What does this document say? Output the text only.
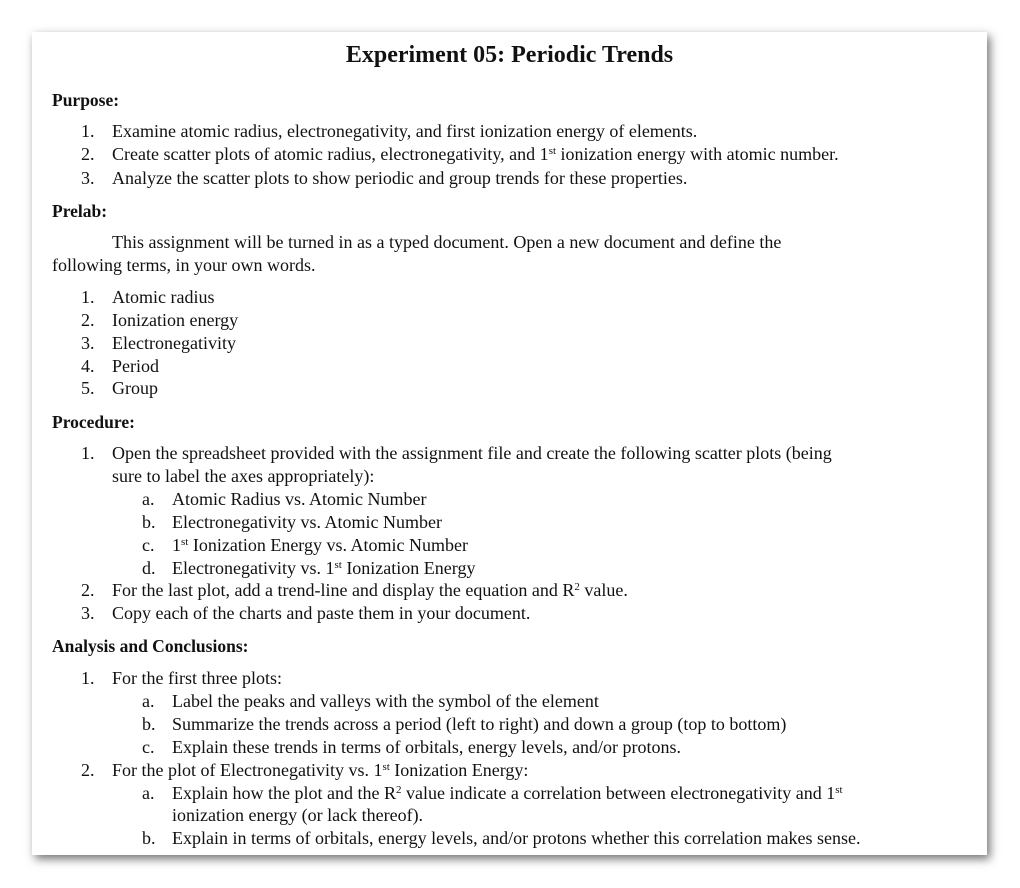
Experiment 05: Periodic Trends
Purpose:
1. Examine atomic radius, electronegativity, and first ionization energy of elements.
2. Create scatter plots of atomic radius, electronegativity, and 1st ionization energy with atomic number.
3. Analyze the scatter plots to show periodic and group trends for these properties.
Prelab:
This assignment will be turned in as a typed document. Open a new document and define the
following terms, in your own words.
1. Atomic radius
2. Ionization energy
3. Electronegativity
4. Period
5. Group
Procedure:
1. Open the spreadsheet provided with the assignment file and create the following scatter plots (being
sure to label the axes appropriately):
a. Atomic Radius vs. Atomic Number
b. Electronegativity vs. Atomic Number
c. 1st Ionization Energy vs. Atomic Number
d. Electronegativity vs. 1st Ionization Energy
2. For the last plot, add a trend-line and display the equation and $R^2$ value.
3. Copy each of the charts and paste them in your document.
Analysis and Conclusions:
1. For the first three plots:
a. Label the peaks and valleys with the symbol of the element
b. Summarize the trends across a period (left to right) and down a group (top to bottom)
c. Explain these trends in terms of orbitals, energy levels, and/or protons.
2. For the plot of Electronegativity vs. 1st Ionization Energy:
a. Explain how the plot and the $R^2$ value indicate a correlation between electronegativity and 1st
ionization energy (or lack thereof).
b. Explain in terms of orbitals, energy levels, and/or protons whether this correlation makes sense.
